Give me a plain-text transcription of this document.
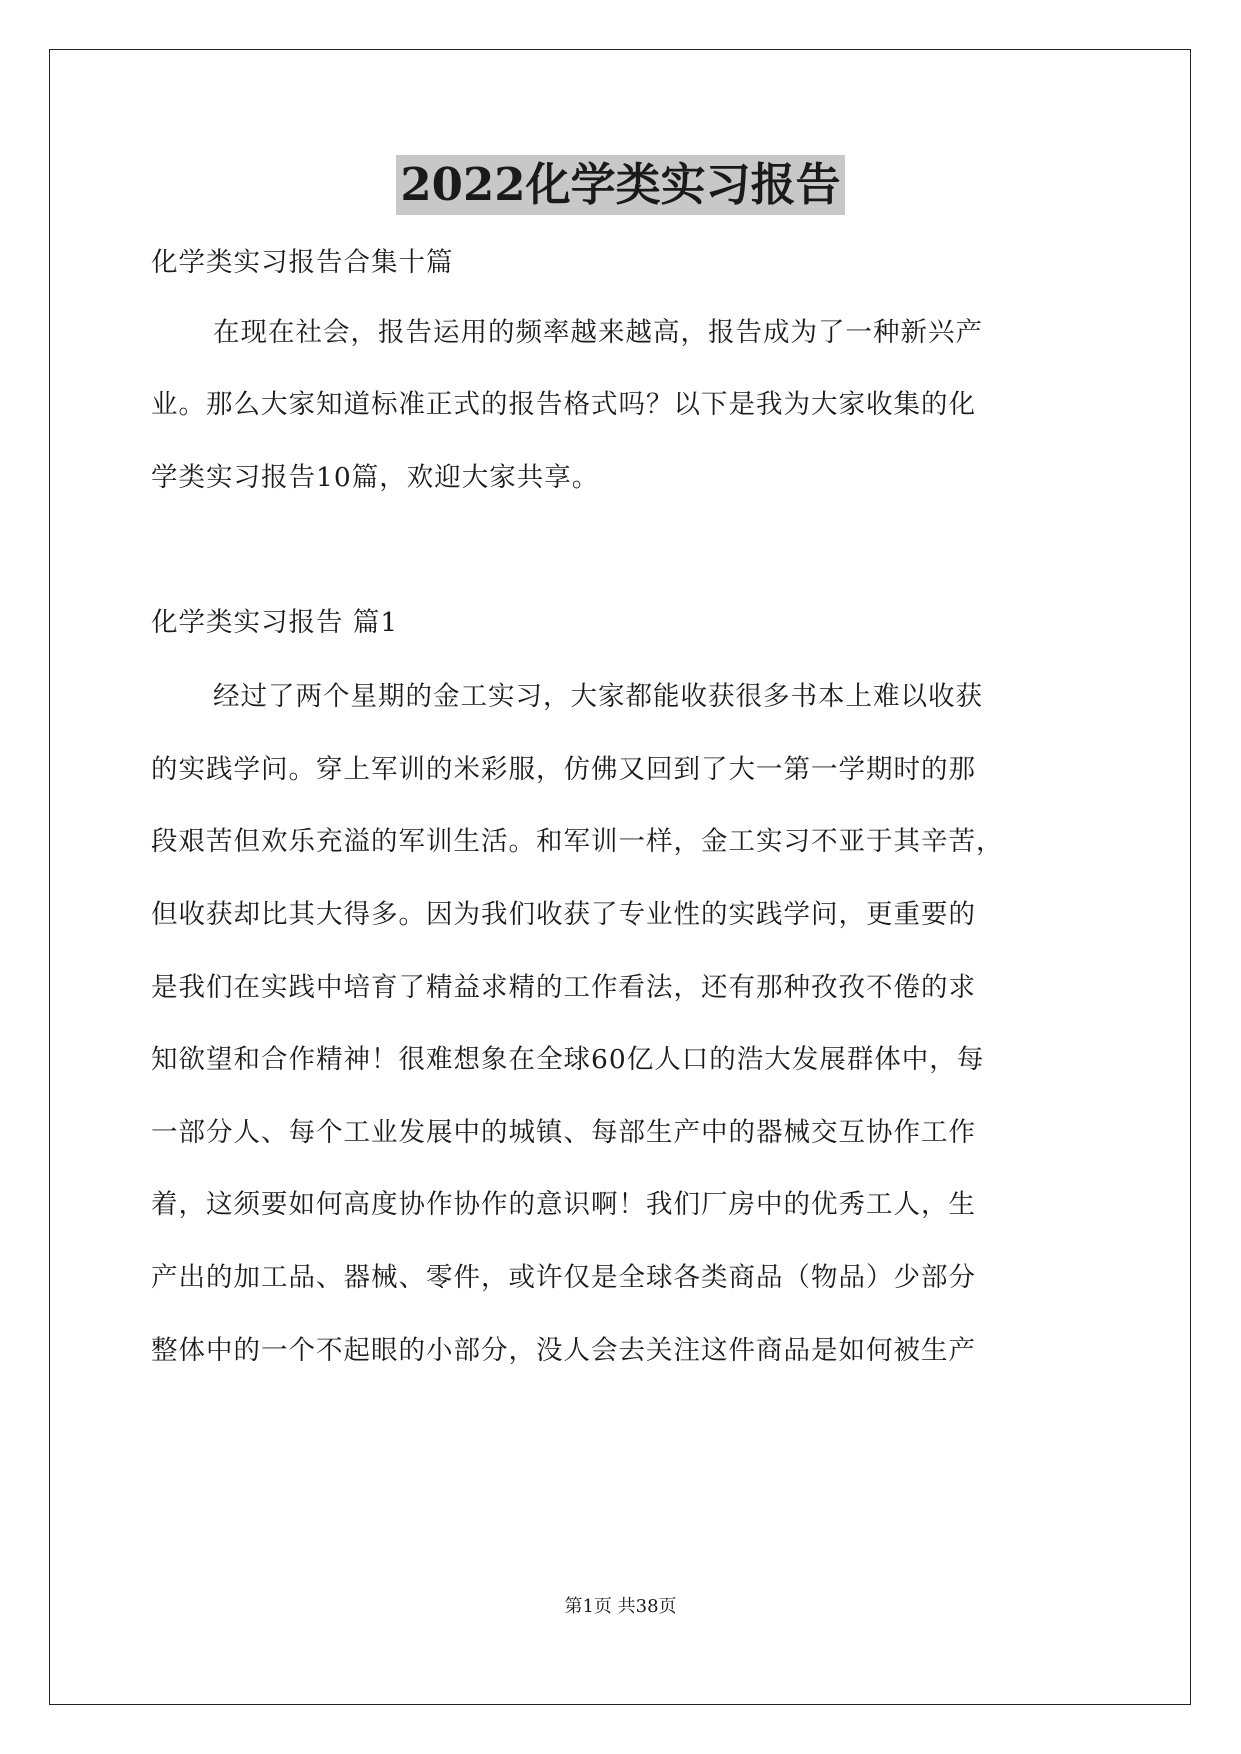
2022化学类实习报告
化学类实习报告合集十篇
在现在社会，报告运用的频率越来越高，报告成为了一种新兴产
业。那么大家知道标准正式的报告格式吗？以下是我为大家收集的化
学类实习报告10篇，欢迎大家共享。
化学类实习报告 篇1
经过了两个星期的金工实习，大家都能收获很多书本上难以收获
的实践学问。穿上军训的米彩服，仿佛又回到了大一第一学期时的那
段艰苦但欢乐充溢的军训生活。和军训一样，金工实习不亚于其辛苦，
但收获却比其大得多。因为我们收获了专业性的实践学问，更重要的
是我们在实践中培育了精益求精的工作看法，还有那种孜孜不倦的求
知欲望和合作精神！很难想象在全球60亿人口的浩大发展群体中，每
一部分人、每个工业发展中的城镇、每部生产中的器械交互协作工作
着，这须要如何高度协作协作的意识啊！我们厂房中的优秀工人，生
产出的加工品、器械、零件，或许仅是全球各类商品（物品）少部分
整体中的一个不起眼的小部分，没人会去关注这件商品是如何被生产
第1页 共38页
